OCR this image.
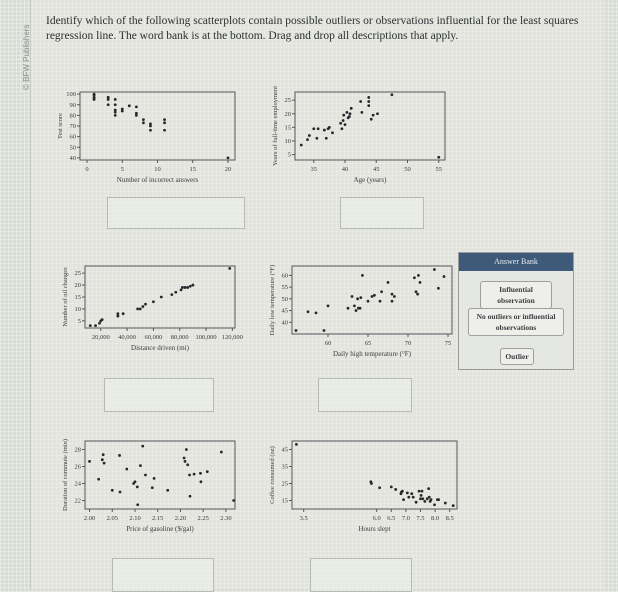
© BFW Publishers
Identify which of the following scatterplots contain possible outliers or observations influential for the least squares regression line. The word bank is at the bottom. Drag and drop all descriptions that apply.
0	5	10	15	20
40
50
60
70
80
90
100
Number of incorrect answers
Test score
35	40	45	50	55
5
10
15
20
25
Age (years)
Years of full-time employment
20,000 40,000 60,000 80,000 100,000 120,000
5
10
15
20
25
Distance driven (mi)
Number of oil changes
60	65	70	75
40
45
50
55
60
Daily high temperature (°F)
Daily low temperature (°F)
2.00 2.05 2.10 2.15 2.20 2.25 2.30
22
24
26
28
Price of gasoline ($/gal)
Duration of commute (min)
3.5	6.0 6.5 7.0 7.5 8.0 8.5
15
25
35
45
Hours slept
Coffee consumed (oz)
Answer Bank
Influential observation
No outliers or influential observations
Outlier
